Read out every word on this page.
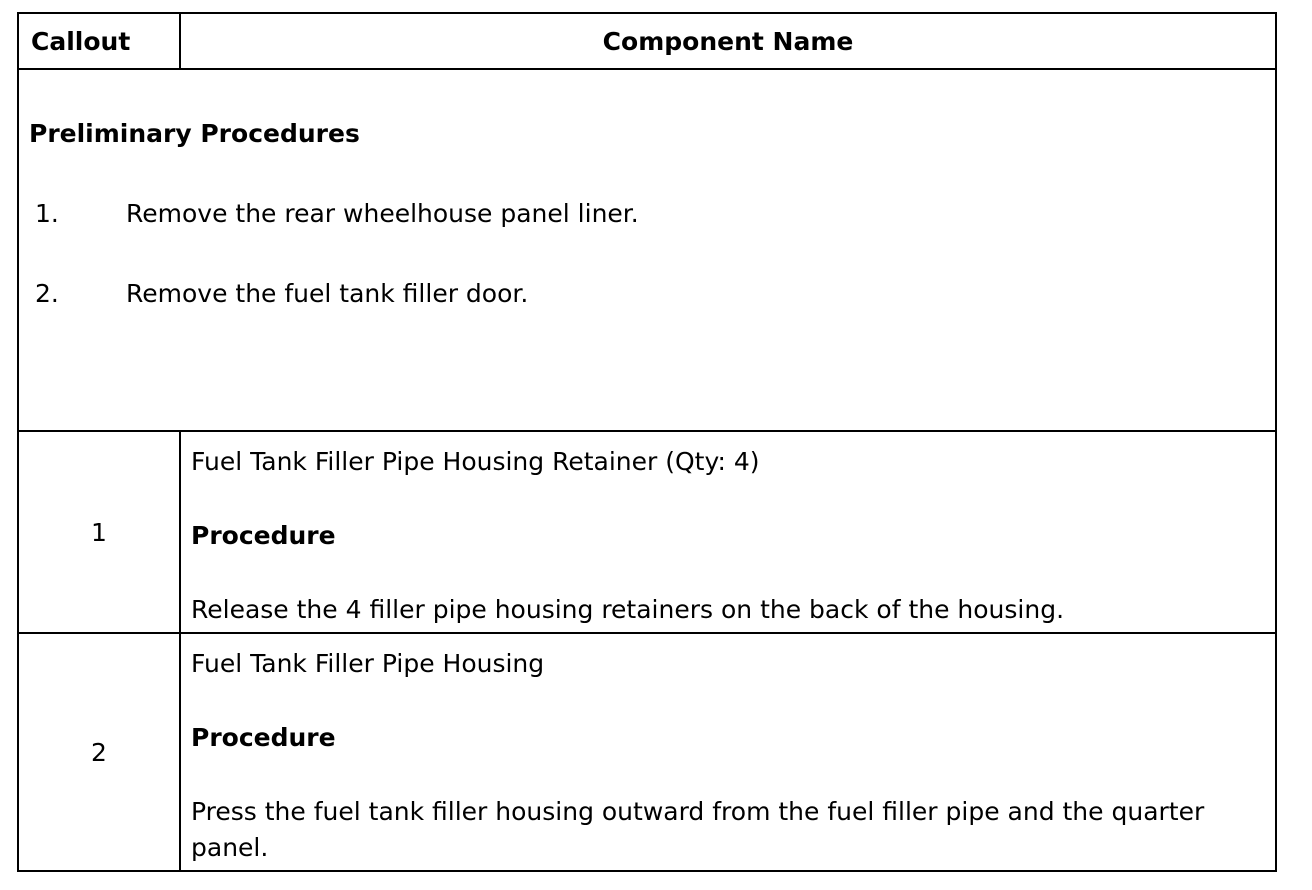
Callout	Component Name

Preliminary Procedures
1. Remove the rear wheelhouse panel liner.
2. Remove the fuel tank filler door.	

1	Fuel Tank Filler Pipe Housing Retainer (Qty: 4)
Procedure
Release the 4 filler pipe housing retainers on the back of the housing.

2	Fuel Tank Filler Pipe Housing
Procedure
Press the fuel tank filler housing outward from the fuel filler pipe and the quarter panel.
